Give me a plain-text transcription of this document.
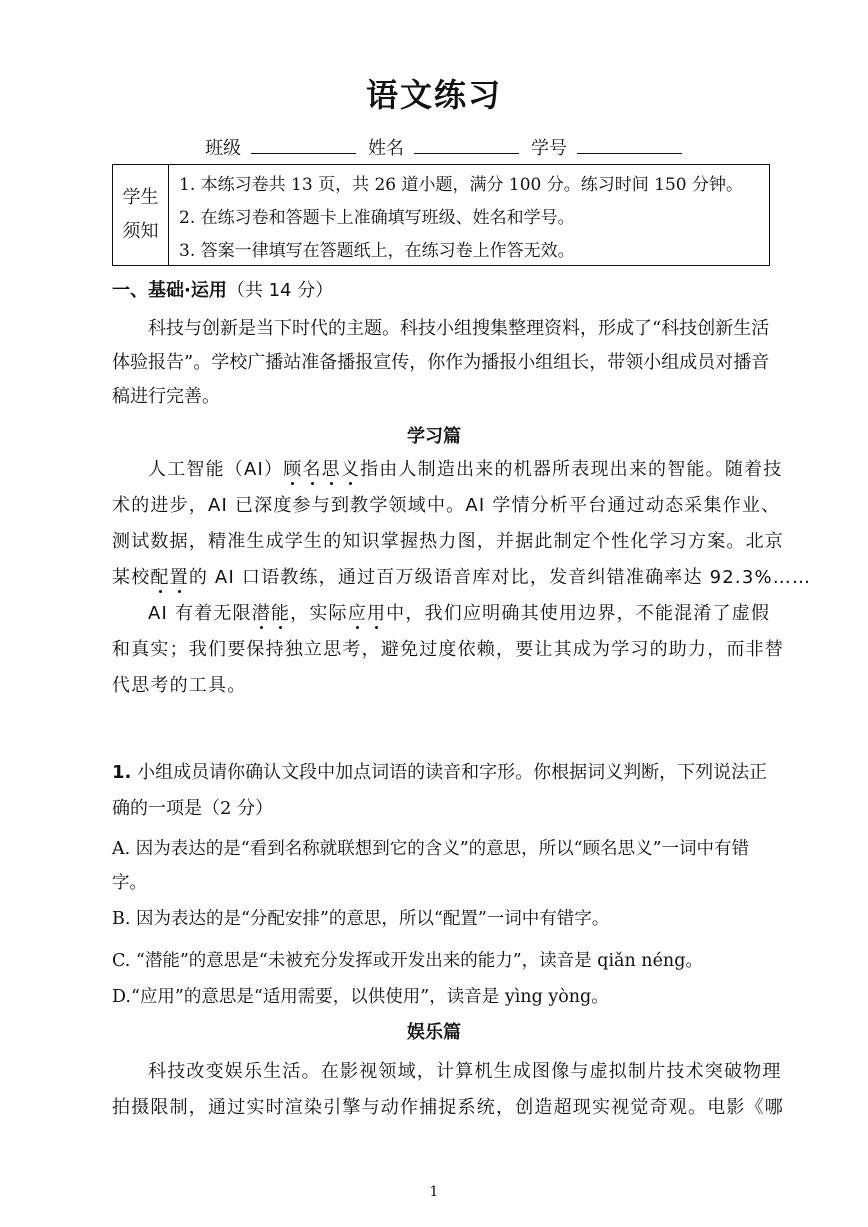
语文练习
班级	姓名	学号
学生
须知
1. 本练习卷共 13 页，共 26 道小题，满分 100 分。练习时间 150 分钟。
2. 在练习卷和答题卡上准确填写班级、姓名和学号。
3. 答案一律填写在答题纸上，在练习卷上作答无效。
一、基础·运用（共 14 分）
科技与创新是当下时代的主题。科技小组搜集整理资料，形成了“科技创新生活体验报告”。学校广播站准备播报宣传，你作为播报小组组长，带领小组成员对播音稿进行完善。
学习篇

人工智能（AI）顾名思义指由人制造出来的机器所表现出来的智能。随着技

术的进步，AI 已深度参与到教学领域中。AI 学情分析平台通过动态采集作业、
测试数据，精准生成学生的知识掌握热力图，并据此制定个性化学习方案。北京
某校配置的 AI 口语教练，通过百万级语音库对比，发音纠错准确率达 92.3%……

AI 有着无限潜能，实际应用中，我们应明确其使用边界，不能混淆了虚假

和真实；我们要保持独立思考，避免过度依赖，要让其成为学习的助力，而非替
代思考的工具。
1. 小组成员请你确认文段中加点词语的读音和字形。你根据词义判断，下列说法正确的一项是（2 分）
A. 因为表达的是“看到名称就联想到它的含义”的意思，所以“顾名思义”一词中有错字。
B. 因为表达的是“分配安排”的意思，所以“配置”一词中有错字。
C. “潜能”的意思是“未被充分发挥或开发出来的能力”，读音是 qiǎn néng。
D.“应用”的意思是“适用需要，以供使用”，读音是 yìng yòng。
娱乐篇

科技改变娱乐生活。在影视领域，计算机生成图像与虚拟制片技术突破物理

拍摄限制，通过实时渲染引擎与动作捕捉系统，创造超现实视觉奇观。电影《哪
1
